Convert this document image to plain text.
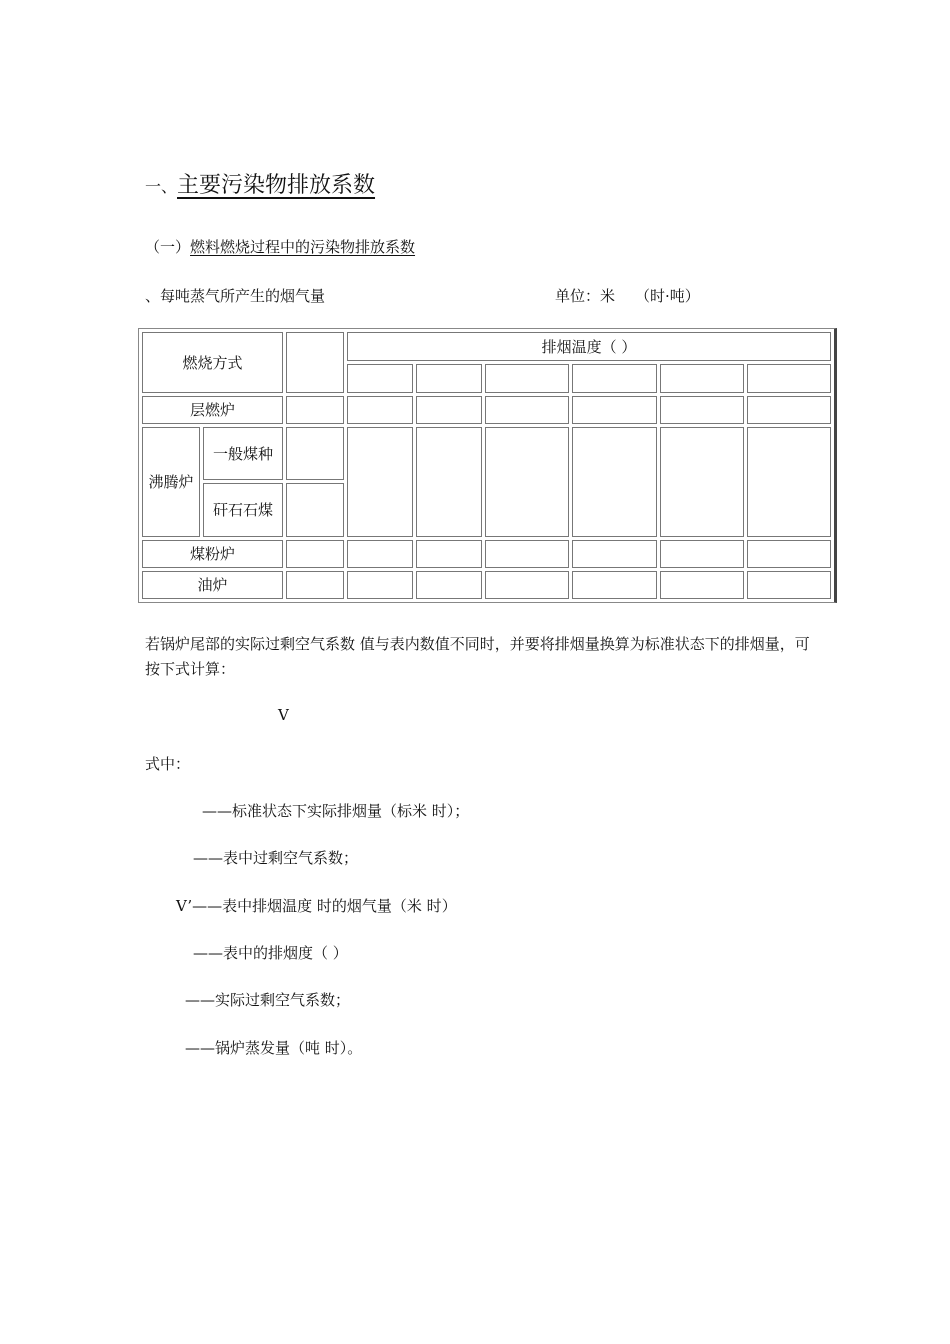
一、主要污染物排放系数
（一）燃料燃烧过程中的污染物排放系数
、每吨蒸气所产生的烟气量	单位：米 （时·吨）
燃烧方式			排烟温度（ ）					

层燃炉								
沸腾炉	一般煤种							
	矸石石煤							
煤粉炉								
油炉								
若锅炉尾部的实际过剩空气系数 值与表内数值不同时，并要将排烟量换算为标准状态下的排烟量，可按下式计算：
V
式中：
——标准状态下实际排烟量（标米 时）；
——表中过剩空气系数；
V’——表中排烟温度 时的烟气量（米 时）
——表中的排烟度（ ）
——实际过剩空气系数；
——锅炉蒸发量（吨 时）。
